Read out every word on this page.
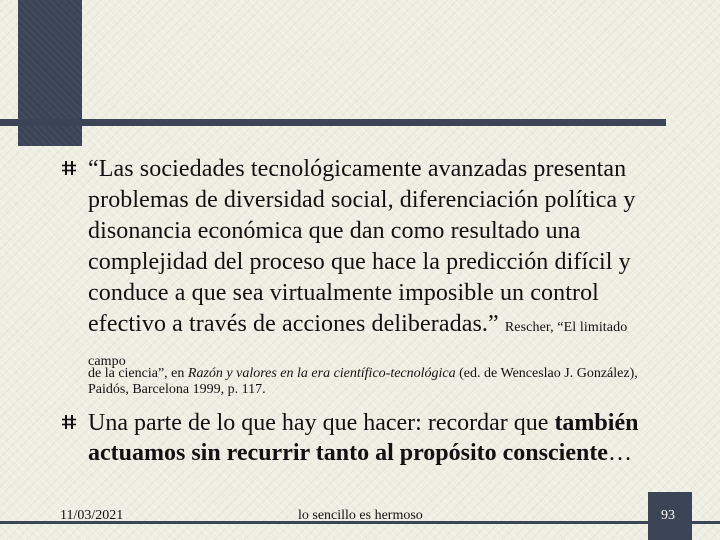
“Las sociedades tecnológicamente avanzadas presentan problemas de diversidad social, diferenciación política y disonancia económica que dan como resultado una complejidad del proceso que hace la predicción difícil y conduce a que sea virtualmente imposible un control efectivo a través de acciones deliberadas.” Rescher, “El limitado campo
de la ciencia”, en Razón y valores en la era científico-tecnológica (ed. de Wenceslao J. González), Paidós, Barcelona 1999, p. 117.
Una parte de lo que hay que hacer: recordar que también actuamos sin recurrir tanto al propósito consciente…
11/03/2021	lo sencillo es hermoso	93
